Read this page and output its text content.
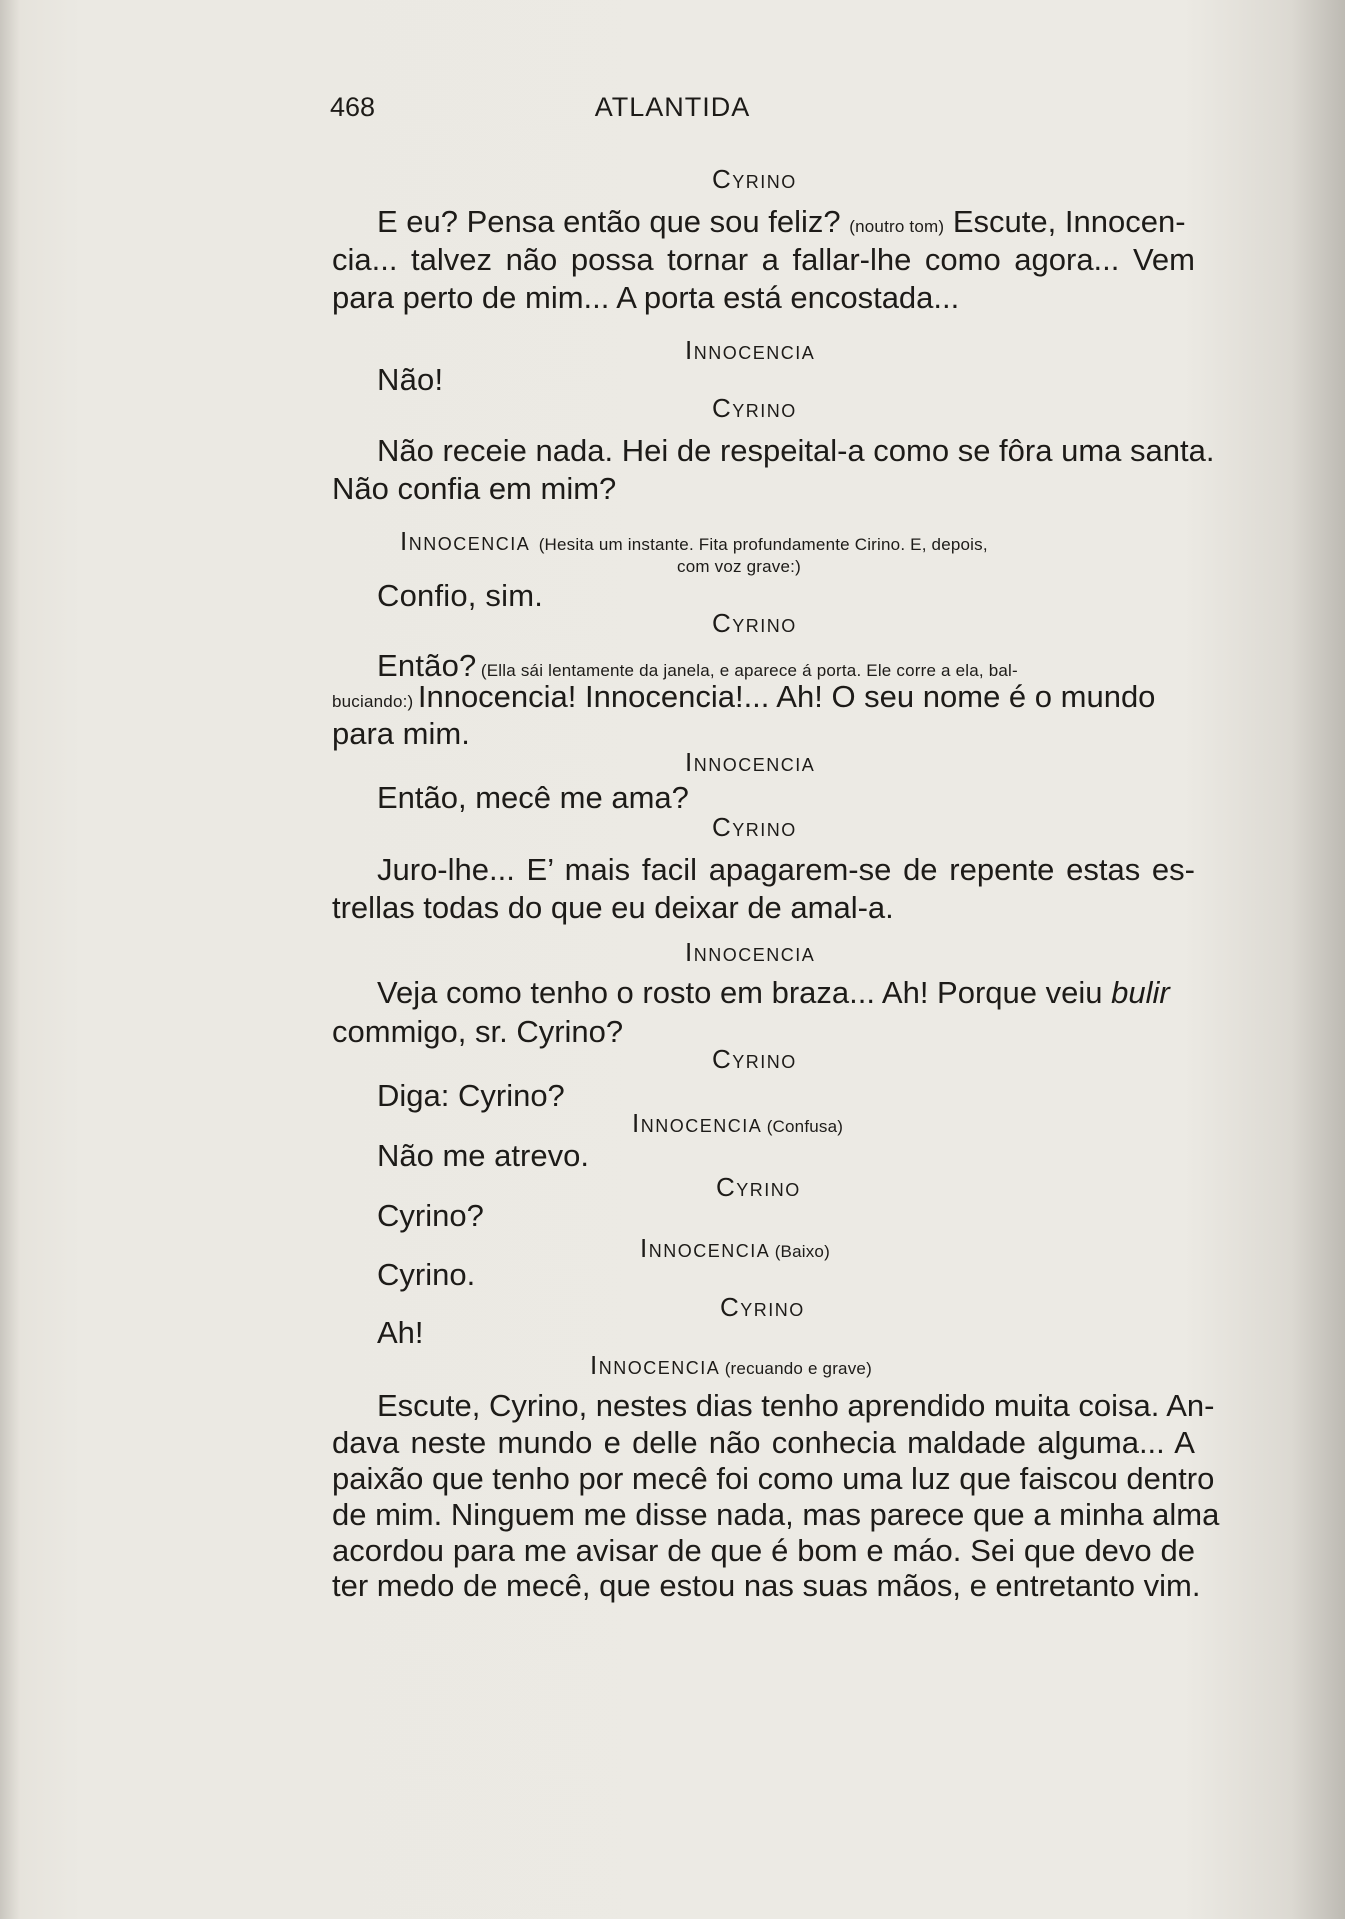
468	ATLANTIDA
Cyrino
E eu? Pensa então que sou feliz? (noutro tom) Escute, Innocen-
cia... talvez não possa tornar a fallar-lhe como agora... Vem
para perto de mim... A porta está encostada...
Innocencia
Não!
Cyrino
Não receie nada. Hei de respeital-a como se fôra uma santa.
Não confia em mim?
Innocencia (Hesita um instante. Fita profundamente Cirino. E, depois,
com voz grave:)
Confio, sim.
Cyrino
Então? (Ella sái lentamente da janela, e aparece á porta. Ele corre a ela, bal-
buciando:) Innocencia! Innocencia!... Ah! O seu nome é o mundo
para mim.
Innocencia
Então, mecê me ama?
Cyrino
Juro-lhe... E’ mais facil apagarem-se de repente estas es-
trellas todas do que eu deixar de amal-a.
Innocencia
Veja como tenho o rosto em braza... Ah! Porque veiu bulir
commigo, sr. Cyrino?
Cyrino
Diga: Cyrino?
Innocencia (Confusa)
Não me atrevo.
Cyrino
Cyrino?
Innocencia (Baixo)
Cyrino.
Cyrino
Ah!
Innocencia (recuando e grave)
Escute, Cyrino, nestes dias tenho aprendido muita coisa. An-
dava neste mundo e delle não conhecia maldade alguma... A
paixão que tenho por mecê foi como uma luz que faiscou dentro
de mim. Ninguem me disse nada, mas parece que a minha alma
acordou para me avisar de que é bom e máo. Sei que devo de
ter medo de mecê, que estou nas suas mãos, e entretanto vim.
